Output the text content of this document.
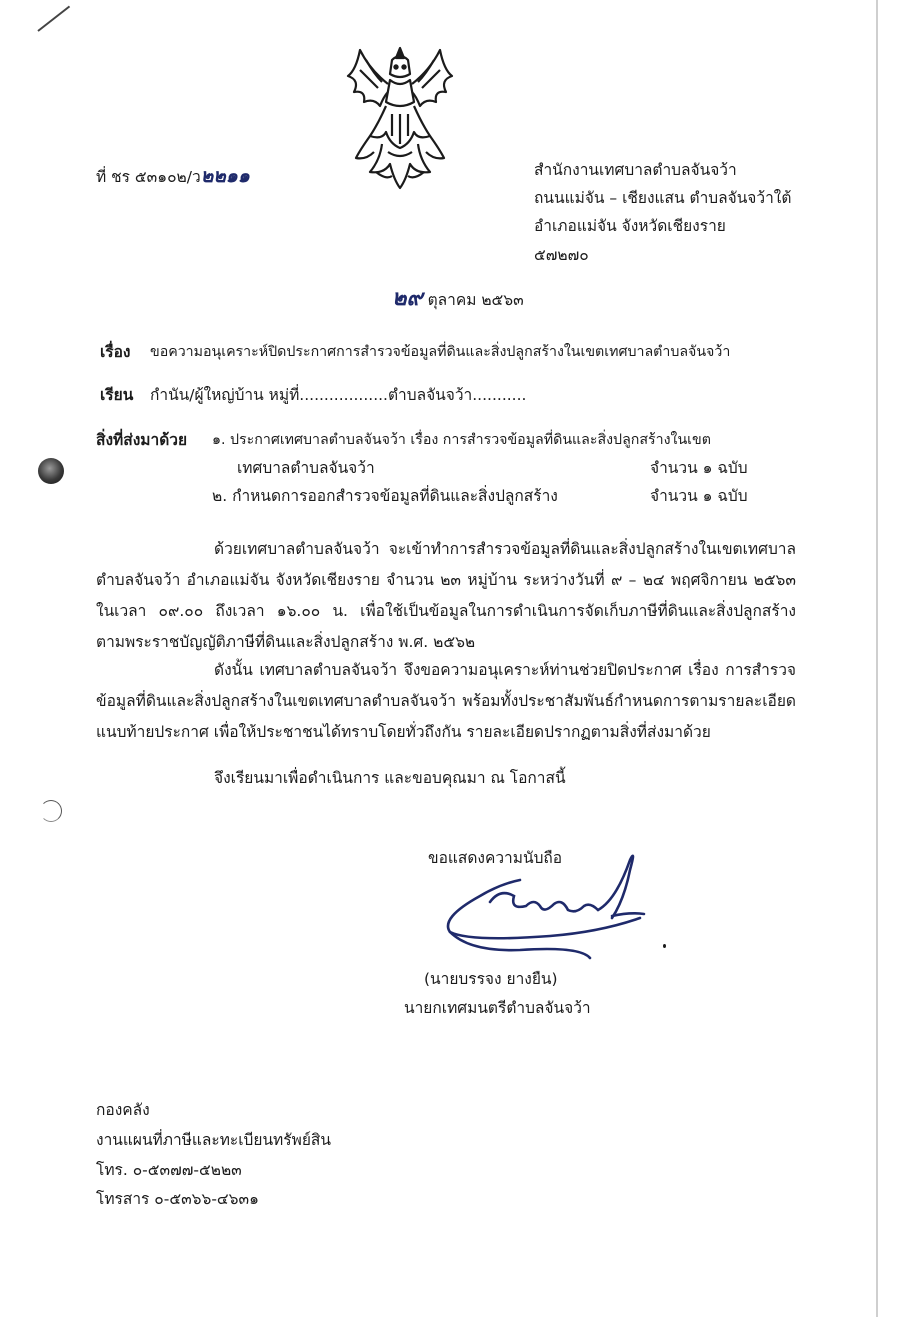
ที่ ชร ๕๓๑๐๒/ว๒๒๑๑	สำนักงานเทศบาลตำบลจันจว้า
ถนนแม่จัน – เชียงแสน ตำบลจันจว้าใต้
อำเภอแม่จัน จังหวัดเชียงราย
๕๗๒๗๐
๒๙ ตุลาคม ๒๕๖๓
เรื่อง ขอความอนุเคราะห์ปิดประกาศการสำรวจข้อมูลที่ดินและสิ่งปลูกสร้างในเขตเทศบาลตำบลจันจว้า
เรียน กำนัน/ผู้ใหญ่บ้าน หมู่ที่..................ตำบลจันจว้า...........
สิ่งที่ส่งมาด้วย ๑. ประกาศเทศบาลตำบลจันจว้า เรื่อง การสำรวจข้อมูลที่ดินและสิ่งปลูกสร้างในเขต
เทศบาลตำบลจันจว้า	จำนวน ๑ ฉบับ
๒. กำหนดการออกสำรวจข้อมูลที่ดินและสิ่งปลูกสร้าง	จำนวน ๑ ฉบับ
ด้วยเทศบาลตำบลจันจว้า จะเข้าทำการสำรวจข้อมูลที่ดินและสิ่งปลูกสร้างในเขตเทศบาลตำบลจันจว้า อำเภอแม่จัน จังหวัดเชียงราย จำนวน ๒๓ หมู่บ้าน ระหว่างวันที่ ๙ – ๒๔ พฤศจิกายน ๒๕๖๓ ในเวลา ๐๙.๐๐ ถึงเวลา ๑๖.๐๐ น. เพื่อใช้เป็นข้อมูลในการดำเนินการจัดเก็บภาษีที่ดินและสิ่งปลูกสร้าง ตามพระราชบัญญัติภาษีที่ดินและสิ่งปลูกสร้าง พ.ศ. ๒๕๖๒
ดังนั้น เทศบาลตำบลจันจว้า จึงขอความอนุเคราะห์ท่านช่วยปิดประกาศ เรื่อง การสำรวจข้อมูลที่ดินและสิ่งปลูกสร้างในเขตเทศบาลตำบลจันจว้า พร้อมทั้งประชาสัมพันธ์กำหนดการตามรายละเอียดแนบท้ายประกาศ เพื่อให้ประชาชนได้ทราบโดยทั่วถึงกัน รายละเอียดปรากฏตามสิ่งที่ส่งมาด้วย
จึงเรียนมาเพื่อดำเนินการ และขอบคุณมา ณ โอกาสนี้
ขอแสดงความนับถือ
(นายบรรจง ยางยืน)
นายกเทศมนตรีตำบลจันจว้า
กองคลัง
งานแผนที่ภาษีและทะเบียนทรัพย์สิน
โทร. ๐-๕๓๗๗-๕๒๒๓
โทรสาร ๐-๕๓๖๖-๔๖๓๑
